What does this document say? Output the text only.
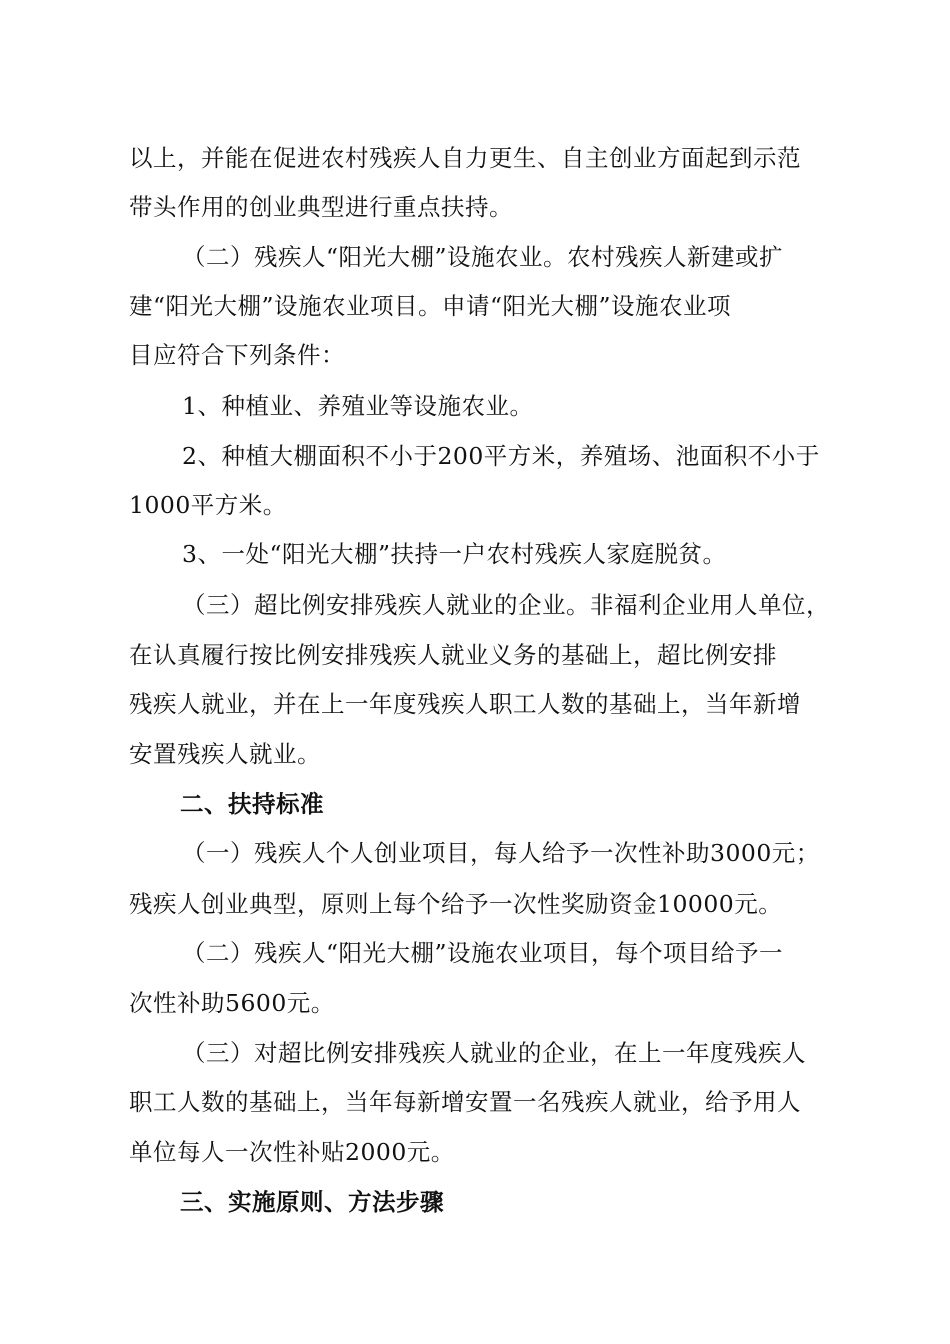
以上，并能在促进农村残疾人自力更生、自主创业方面起到示范
带头作用的创业典型进行重点扶持。
（二）残疾人“阳光大棚”设施农业。农村残疾人新建或扩
建“阳光大棚”设施农业项目。申请“阳光大棚”设施农业项
目应符合下列条件：
1、种植业、养殖业等设施农业。
2、种植大棚面积不小于200平方米，养殖场、池面积不小于
1000平方米。
3、一处“阳光大棚”扶持一户农村残疾人家庭脱贫。
（三）超比例安排残疾人就业的企业。非福利企业用人单位，
在认真履行按比例安排残疾人就业义务的基础上，超比例安排
残疾人就业，并在上一年度残疾人职工人数的基础上，当年新增
安置残疾人就业。
二、扶持标准
（一）残疾人个人创业项目，每人给予一次性补助3000元；
残疾人创业典型，原则上每个给予一次性奖励资金10000元。
（二）残疾人“阳光大棚”设施农业项目，每个项目给予一
次性补助5600元。
（三）对超比例安排残疾人就业的企业，在上一年度残疾人
职工人数的基础上，当年每新增安置一名残疾人就业，给予用人
单位每人一次性补贴2000元。
三、实施原则、方法步骤
